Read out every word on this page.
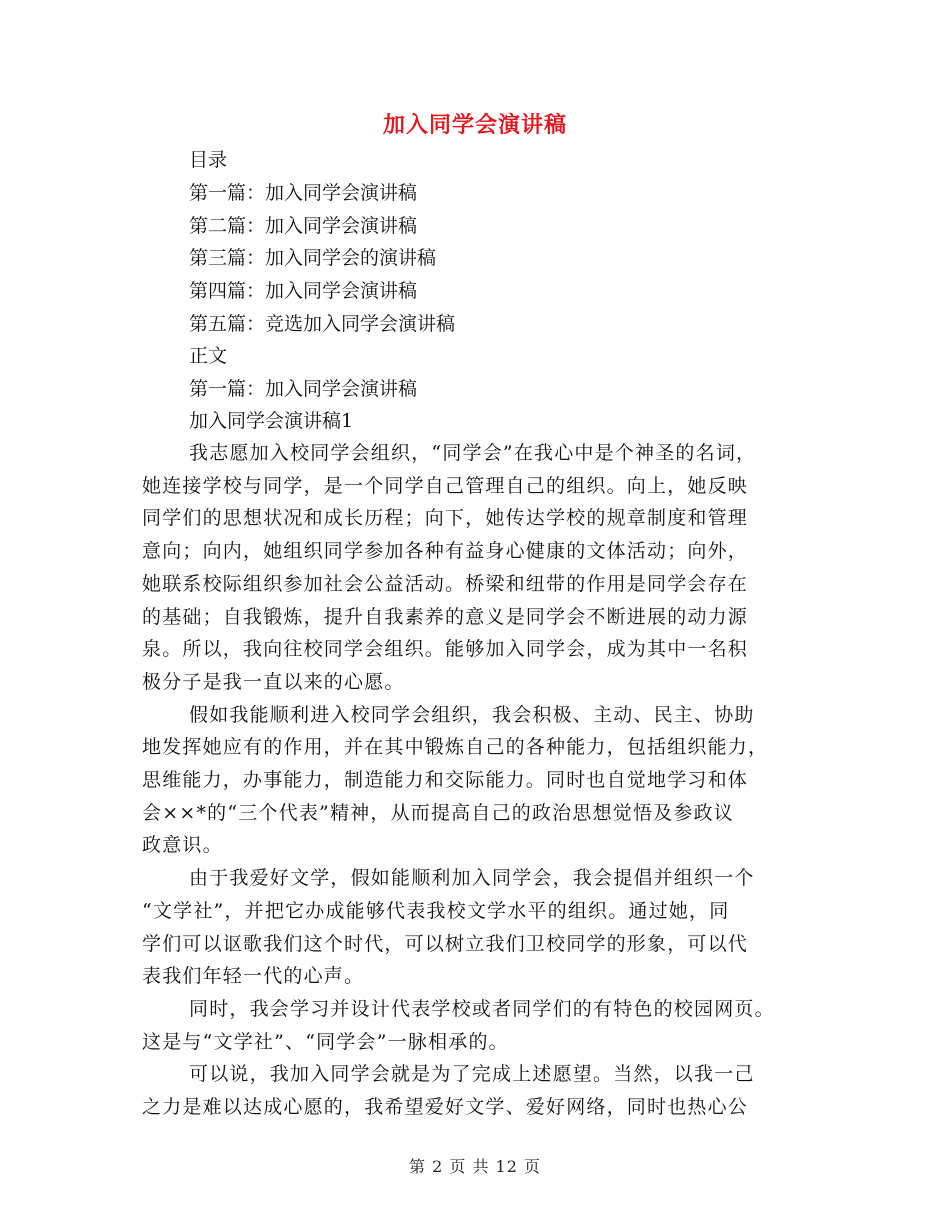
加入同学会演讲稿
目录
第一篇：加入同学会演讲稿
第二篇：加入同学会演讲稿
第三篇：加入同学会的演讲稿
第四篇：加入同学会演讲稿
第五篇：竞选加入同学会演讲稿
正文
第一篇：加入同学会演讲稿
加入同学会演讲稿1

我志愿加入校同学会组织，“同学会”在我心中是个神圣的名词，
她连接学校与同学，是一个同学自己管理自己的组织。向上，她反映
同学们的思想状况和成长历程；向下，她传达学校的规章制度和管理
意向；向内，她组织同学参加各种有益身心健康的文体活动；向外，
她联系校际组织参加社会公益活动。桥梁和纽带的作用是同学会存在
的基础；自我锻炼，提升自我素养的意义是同学会不断进展的动力源
泉。所以，我向往校同学会组织。能够加入同学会，成为其中一名积
极分子是我一直以来的心愿。

假如我能顺利进入校同学会组织，我会积极、主动、民主、协助
地发挥她应有的作用，并在其中锻炼自己的各种能力，包括组织能力，
思维能力，办事能力，制造能力和交际能力。同时也自觉地学习和体
会××*的“三个代表”精神，从而提高自己的政治思想觉悟及参政议
政意识。

由于我爱好文学，假如能顺利加入同学会，我会提倡并组织一个
“文学社”，并把它办成能够代表我校文学水平的组织。通过她，同
学们可以讴歌我们这个时代，可以树立我们卫校同学的形象，可以代
表我们年轻一代的心声。

同时，我会学习并设计代表学校或者同学们的有特色的校园网页。
这是与“文学社”、“同学会”一脉相承的。

可以说，我加入同学会就是为了完成上述愿望。当然，以我一己
之力是难以达成心愿的，我希望爱好文学、爱好网络，同时也热心公

第 2 页 共 12 页
